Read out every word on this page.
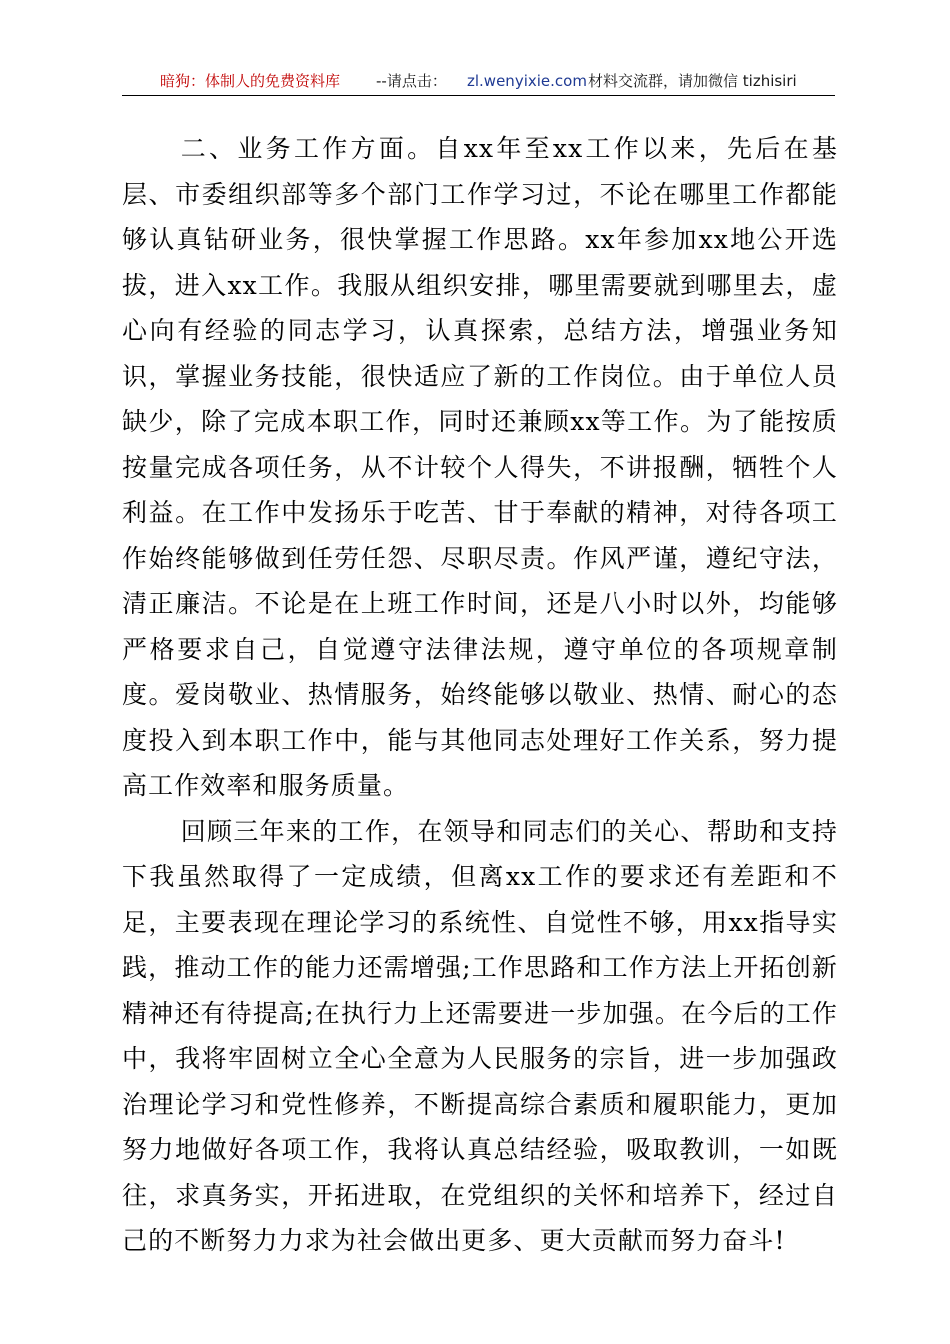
暗狗：体制人的免费资料库 --请点击： zl.wenyixie.com 材料交流群，请加微信 tizhisiri

二、业务工作方面。自xx年至xx工作以来，先后在基层、市委组织部等多个部门工作学习过，不论在哪里工作都能够认真钻研业务，很快掌握工作思路。xx年参加xx地公开选拔，进入xx工作。我服从组织安排，哪里需要就到哪里去，虚心向有经验的同志学习，认真探索，总结方法，增强业务知识，掌握业务技能，很快适应了新的工作岗位。由于单位人员缺少，除了完成本职工作，同时还兼顾xx等工作。为了能按质按量完成各项任务，从不计较个人得失，不讲报酬，牺牲个人利益。在工作中发扬乐于吃苦、甘于奉献的精神，对待各项工作始终能够做到任劳任怨、尽职尽责。作风严谨，遵纪守法，清正廉洁。不论是在上班工作时间，还是八小时以外，均能够严格要求自己，自觉遵守法律法规，遵守单位的各项规章制度。爱岗敬业、热情服务，始终能够以敬业、热情、耐心的态度投入到本职工作中，能与其他同志处理好工作关系，努力提高工作效率和服务质量。

回顾三年来的工作，在领导和同志们的关心、帮助和支持下我虽然取得了一定成绩，但离xx工作的要求还有差距和不足，主要表现在理论学习的系统性、自觉性不够，用xx指导实践，推动工作的能力还需增强;工作思路和工作方法上开拓创新精神还有待提高;在执行力上还需要进一步加强。在今后的工作中，我将牢固树立全心全意为人民服务的宗旨，进一步加强政治理论学习和党性修养，不断提高综合素质和履职能力，更加努力地做好各项工作，我将认真总结经验，吸取教训，一如既往，求真务实，开拓进取，在党组织的关怀和培养下，经过自己的不断努力力求为社会做出更多、更大贡献而努力奋斗!
